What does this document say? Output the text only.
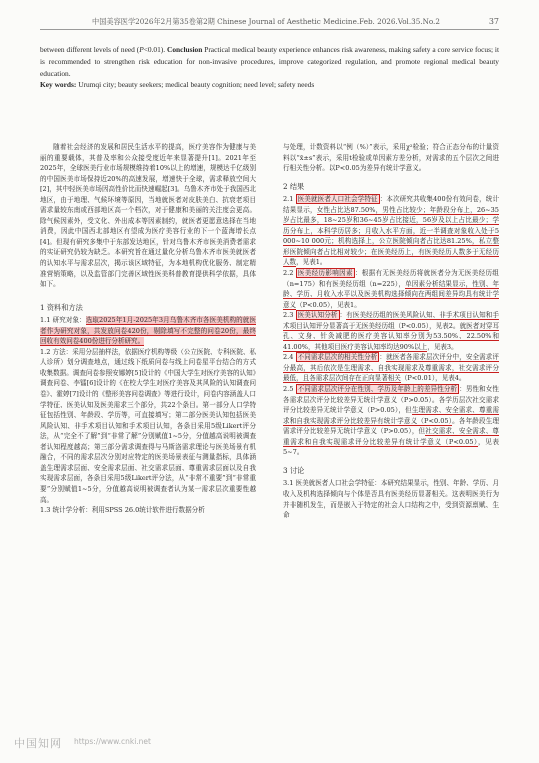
中国美容医学2026年2月第35卷第2期 Chinese Journal of Aesthetic Medicine.Feb. 2026.Vol.35.No.2	37
between different levels of need (P<0.01). Conclusion Practical medical beauty experience enhances risk awareness, making safety a core service focus; it is recommended to strengthen risk education for non-invasive procedures, improve categorized regulation, and promote regional medical beauty education.
Key words: Urumqi city; beauty seekers; medical beauty cognition; need level; safety needs

随着社会经济的发展和居民生活水平的提高，医疗美容作为健康与美丽的重要载体，其普及率和公众接受度近年来显著提升[1]。2021年至2025年，全球医美行业市场规模维持着10%以上的增速，规模达千亿级别的中国医美市场保持近20%的高速发展，增速快于全球，需求释放空间大[2]，其中轻医美市场因高性价比而快速崛起[3]。乌鲁木齐市处于我国西北地区，由于地理、气候环境等原因，当地就医者对皮肤美白、抗衰老项目需求量较东南或西部地区高一个档次，对于健康和美丽的关注度会更高。除气候因素外，受文化、外出成本等因素制约，就医者更愿意选择在当地消费，因此中国西北部地区有望成为医疗美容行业的下一个蓝海增长点[4]。但现有研究多集中于东部发达地区，针对乌鲁木齐市医美消费者需求的实证研究仍较为缺乏。本研究旨在通过量化分析乌鲁木齐市医美就医者的认知水平与需求层次，揭示该区域特征，为本地机构优化服务、制定精准营销策略，以及监管部门完善区域性医美科普教育提供科学依据，具体如下。

1 资料和方法

1.1 研究对象：选取2025年1月-2025年3月乌鲁木齐市各医美机构的就医者作为研究对象，共发放问卷420份，剔除填写不完整的问卷20份，最终回收有效问卷400份进行分析研究。

1.2 方法：采用分层抽样法，依据医疗机构等级（公立医院、专科医院、私人诊所）划分调查地点，通过线下纸质问卷与线上问卷星平台结合的方式收集数据。调查问卷参照安娜婷[5]设计的《中国大学生对医疗美容的认知》调查问卷、李镭[6]设计的《在校大学生对医疗美容及其风险的认知调查问卷》、霍婷[7]设计的《整形美容问卷调查》等进行设计，问卷内容涵盖人口学特征、医美认知及医美需求三个部分，共22个条目。第一部分人口学特征包括性别、年龄段、学历等，可直接填写；第二部分医美认知包括医美风险认知、非手术项目认知和手术项目认知，各条目采用5级Likert评分法，从“完全不了解”到“非常了解”分别赋值1~5分，分值越高说明被调查者认知程度越高；第三部分需求调查得与马斯洛需求理论与医美场景有机融合，不同的需求层次分别对应特定的医美场景表征与测量指标，具体涵盖生理需求层面、安全需求层面、社交需求层面、尊重需求层面以及自我实现需求层面，各条目采用5级Likert评分法，从“非常不重要”到“非常重要”分别赋值1~5分，分值越高说明被调查者认为某一需求层次重要性越高。

1.3 统计学分析：利用SPSS 26.0统计软件进行数据分析

与处理，计数资料以“例（%）”表示，采用χ²检验；符合正态分布的计量资料以“x̄±s”表示，采用t检验或单因素方差分析，对需求的五个层次之间进行相关性分析。以P<0.05为差异有统计学意义。

2 结果

2.1 医美就医者人口社会学特征 ：本次研究共收集400份有效问卷，统计结果显示，女性占比达87.50%，男性占比较少；年龄段分布上，26~35岁占比最多，18~25岁和36~45岁占比接近，56岁及以上占比最少；学历分布上，本科学历居多；月收入水平方面，近一半调查对象收入处于5 000~10 000元；机构选择上，公立医院倾向者占比达81.25%，私立整形医院倾向者占比相对较少；在医美经历上，有医美经历人数多于无经历人数，见表1。

2.2 医美经历影响因素 ：根据有无医美经历将就医者分为无医美经历组（n=175）和有医美经历组（n=225），单因素分析结果显示，性别、年龄、学历、月收入水平以及医美机构选择倾向在两组间差异均具有统计学意义（P<0.05），见表1。

2.3 医美认知分析 ：有医美经历组的医美风险认知、非手术项目认知和手术项目认知评分显著高于无医美经历组（P<0.05），见表2。就医者对穿耳孔、文身、针灸减肥的医疗美容认知率分别为53.50%、22.50%和41.00%，其他项目医疗美容认知率均达90%以上，见表3。

2.4 不同需求层次的相关性分析 ：就医者各需求层次评分中，安全需求评分最高，其后依次是生理需求、自我实现需求及尊重需求，社交需求评分最低，且各需求层次间存在正向显著相关（P<0.01），见表4。

2.5 不同需求层次评分在性别、学历及年龄上的差异性分析 ：男性和女性各需求层次评分比较差异无统计学意义（P>0.05）。各学历层次社交需求评分比较差异无统计学意义（P>0.05），但生理需求、安全需求、尊重需求和自我实现需求评分比较差异有统计学意义（P<0.05）。各年龄段生理需求评分比较差异无统计学意义（P>0.05），但社交需求、安全需求、尊重需求和自我实现需求评分比较差异有统计学意义（P<0.05），见表5~7。

3 讨论

3.1 医美就医者人口社会学特征：本研究结果显示，性别、年龄、学历、月收入及机构选择倾向与个体是否具有医美经历显著相关。这表明医美行为并非随机发生，而是嵌入于特定的社会人口结构之中，受到资源禀赋、生命

中国知网 https://www.cnki.net
